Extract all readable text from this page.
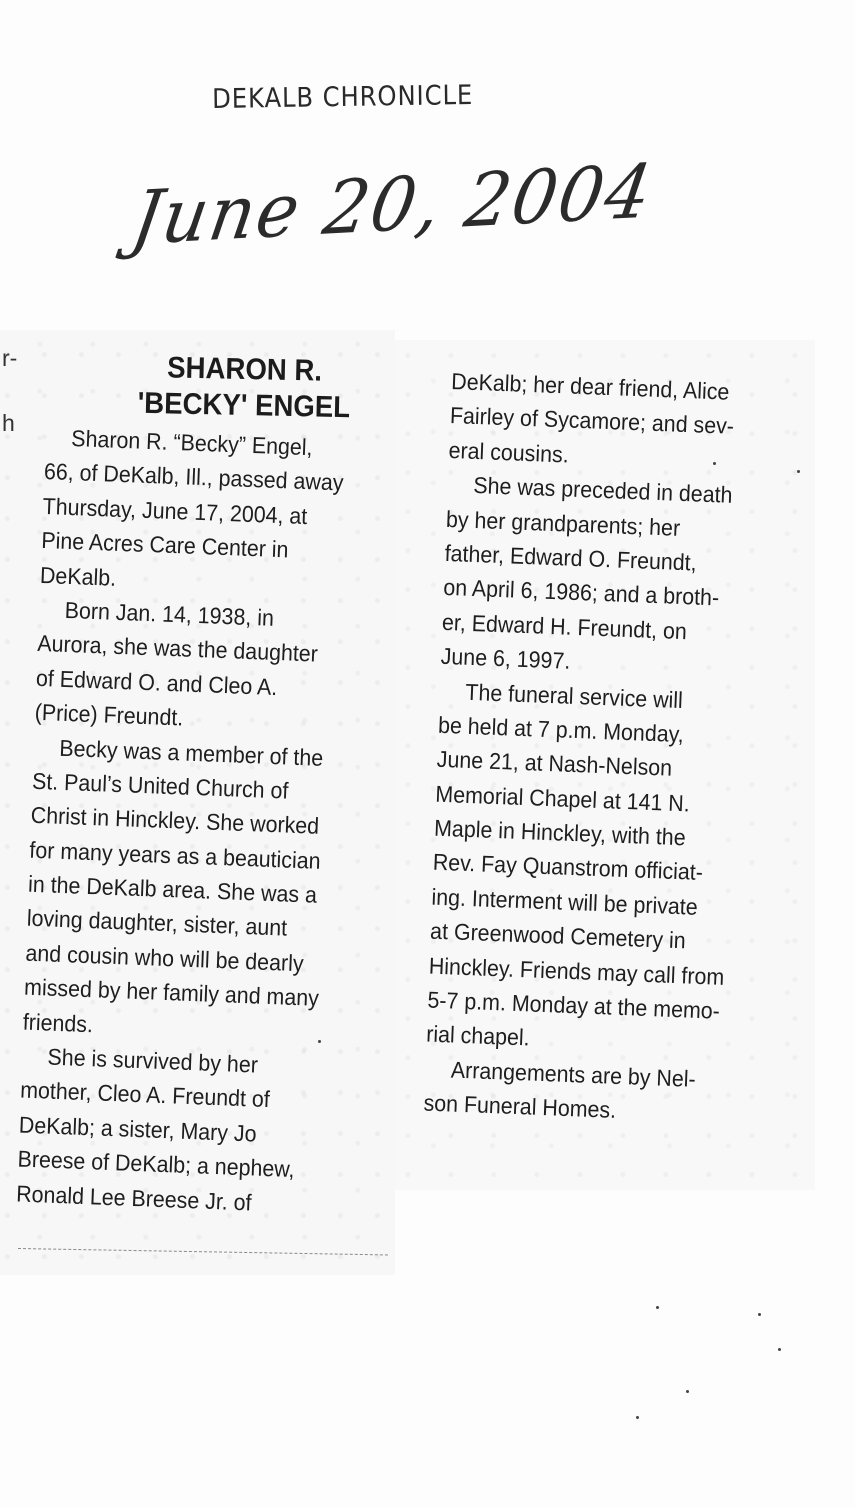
DEKALB CHRONICLE
June 20, 2004
r-
h
SHARON R.
'BECKY' ENGEL
Sharon R. “Becky” Engel,
66, of DeKalb, Ill., passed away
Thursday, June 17, 2004, at
Pine Acres Care Center in
DeKalb.
Born Jan. 14, 1938, in
Aurora, she was the daughter
of Edward O. and Cleo A.
(Price) Freundt.
Becky was a member of the
St. Paul’s United Church of
Christ in Hinckley. She worked
for many years as a beautician
in the DeKalb area. She was a
loving daughter, sister, aunt
and cousin who will be dearly
missed by her family and many
friends.
She is survived by her
mother, Cleo A. Freundt of
DeKalb; a sister, Mary Jo
Breese of DeKalb; a nephew,
Ronald Lee Breese Jr. of
DeKalb; her dear friend, Alice
Fairley of Sycamore; and sev-
eral cousins.
She was preceded in death
by her grandparents; her
father, Edward O. Freundt,
on April 6, 1986; and a broth-
er, Edward H. Freundt, on
June 6, 1997.
The funeral service will
be held at 7 p.m. Monday,
June 21, at Nash-Nelson
Memorial Chapel at 141 N.
Maple in Hinckley, with the
Rev. Fay Quanstrom officiat-
ing. Interment will be private
at Greenwood Cemetery in
Hinckley. Friends may call from
5-7 p.m. Monday at the memo-
rial chapel.
Arrangements are by Nel-
son Funeral Homes.
